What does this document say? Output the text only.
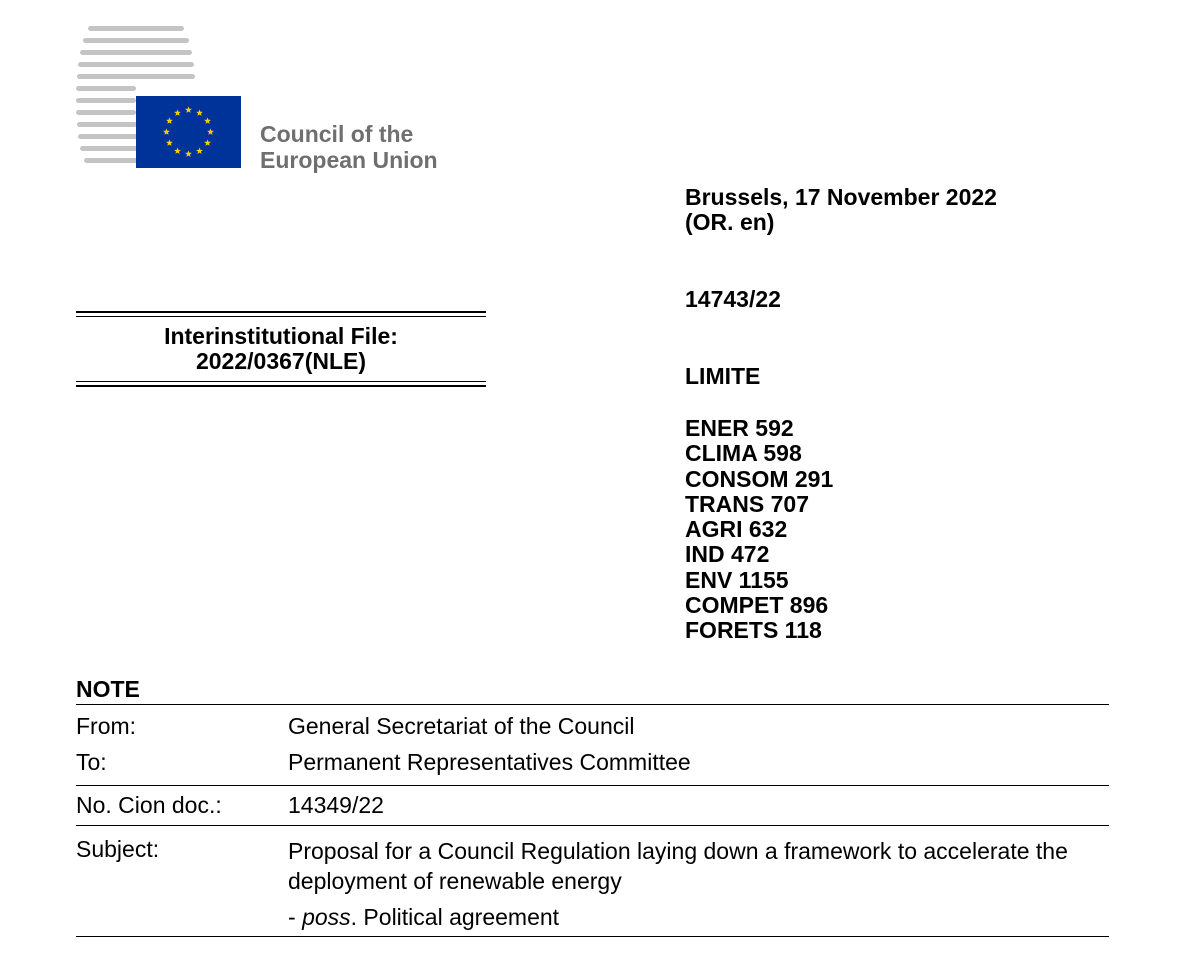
Council of the
European Union
Brussels, 17 November 2022
(OR. en)
14743/22
LIMITE
ENER 592
CLIMA 598
CONSOM 291
TRANS 707
AGRI 632
IND 472
ENV 1155
COMPET 896
FORETS 118
Interinstitutional File:
2022/0367(NLE)
NOTE
From:	General Secretariat of the Council
To:	Permanent Representatives Committee
No. Cion doc.:	14349/22
Subject:	Proposal for a Council Regulation laying down a framework to accelerate the deployment of renewable energy
- poss. Political agreement
